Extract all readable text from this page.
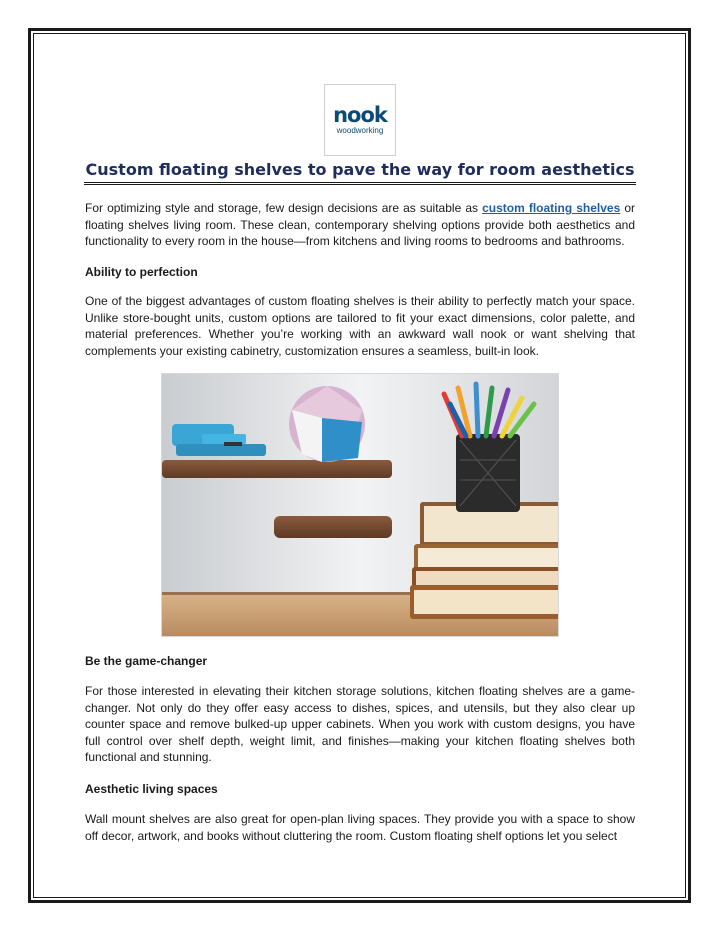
nook
woodworking
Custom floating shelves to pave the way for room aesthetics

For optimizing style and storage, few design decisions are as suitable as custom floating shelves or floating shelves living room. These clean, contemporary shelving options provide both aesthetics and functionality to every room in the house—from kitchens and living rooms to bedrooms and bathrooms.

Ability to perfection

One of the biggest advantages of custom floating shelves is their ability to perfectly match your space. Unlike store-bought units, custom options are tailored to fit your exact dimensions, color palette, and material preferences. Whether you’re working with an awkward wall nook or want shelving that complements your existing cabinetry, customization ensures a seamless, built-in look.

Be the game-changer

For those interested in elevating their kitchen storage solutions, kitchen floating shelves are a game-changer. Not only do they offer easy access to dishes, spices, and utensils, but they also clear up counter space and remove bulked-up upper cabinets. When you work with custom designs, you have full control over shelf depth, weight limit, and finishes—making your kitchen floating shelves both functional and stunning.

Aesthetic living spaces

Wall mount shelves are also great for open-plan living spaces. They provide you with a space to show off decor, artwork, and books without cluttering the room. Custom floating shelf options let you select
